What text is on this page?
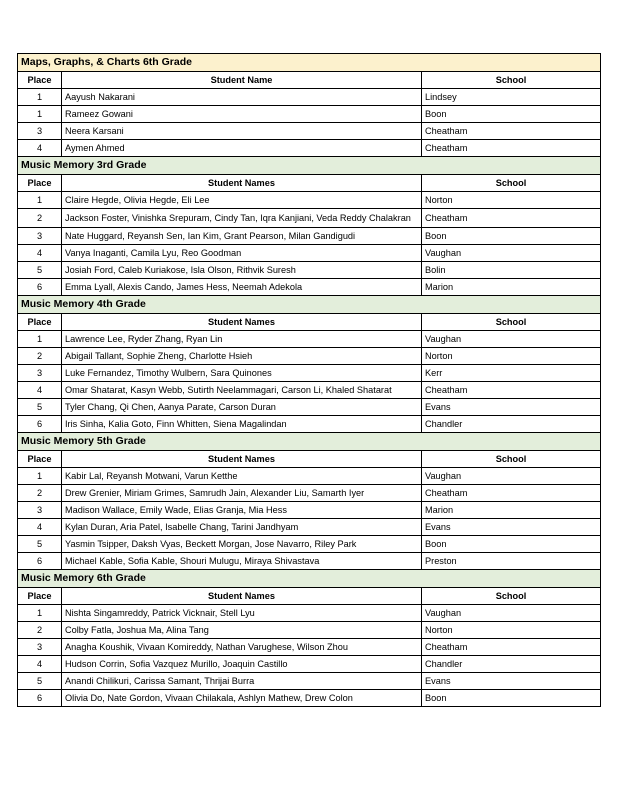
Maps, Graphs, & Charts 6th Grade		
Place	Student Name	School
1	Aayush Nakarani	Lindsey
1	Rameez Gowani	Boon
3	Neera Karsani	Cheatham
4	Aymen Ahmed	Cheatham
Music Memory 3rd Grade		
Place	Student Names	School
1	Claire Hegde, Olivia Hegde, Eli Lee	Norton
2	Jackson Foster, Vinishka Srepuram, Cindy Tan, Iqra Kanjiani, Veda Reddy Chalakran	Cheatham
3	Nate Huggard, Reyansh Sen, Ian Kim, Grant Pearson, Milan Gandigudi	Boon
4	Vanya Inaganti, Camila Lyu, Reo Goodman	Vaughan
5	Josiah Ford, Caleb Kuriakose, Isla Olson, Rithvik Suresh	Bolin
6	Emma Lyall, Alexis Cando, James Hess, Neemah Adekola	Marion
Music Memory 4th Grade		
Place	Student Names	School
1	Lawrence Lee, Ryder Zhang, Ryan Lin	Vaughan
2	Abigail Tallant, Sophie Zheng, Charlotte Hsieh	Norton
3	Luke Fernandez, Timothy Wulbern, Sara Quinones	Kerr
4	Omar Shatarat, Kasyn Webb, Sutirth Neelammagari, Carson Li, Khaled Shatarat	Cheatham
5	Tyler Chang, Qi Chen, Aanya Parate, Carson Duran	Evans
6	Iris Sinha, Kalia Goto, Finn Whitten, Siena Magalindan	Chandler
Music Memory 5th Grade		
Place	Student Names	School
1	Kabir Lal, Reyansh Motwani, Varun Ketthe	Vaughan
2	Drew Grenier, Miriam Grimes, Samrudh Jain, Alexander Liu, Samarth Iyer	Cheatham
3	Madison Wallace, Emily Wade, Elias Granja, Mia Hess	Marion
4	Kylan Duran, Aria Patel, Isabelle Chang, Tarini Jandhyam	Evans
5	Yasmin Tsipper, Daksh Vyas, Beckett Morgan, Jose Navarro, Riley Park	Boon
6	Michael Kable, Sofia Kable, Shouri Mulugu, Miraya Shivastava	Preston
Music Memory 6th Grade		
Place	Student Names	School
1	Nishta Singamreddy, Patrick Vicknair, Stell Lyu	Vaughan
2	Colby Fatla, Joshua Ma, Alina Tang	Norton
3	Anagha Koushik, Vivaan Komireddy, Nathan Varughese, Wilson Zhou	Cheatham
4	Hudson Corrin, Sofia Vazquez Murillo, Joaquin Castillo	Chandler
5	Anandi Chilikuri, Carissa Samant, Thrijai Burra	Evans
6	Olivia Do, Nate Gordon, Vivaan Chilakala, Ashlyn Mathew, Drew Colon	Boon
